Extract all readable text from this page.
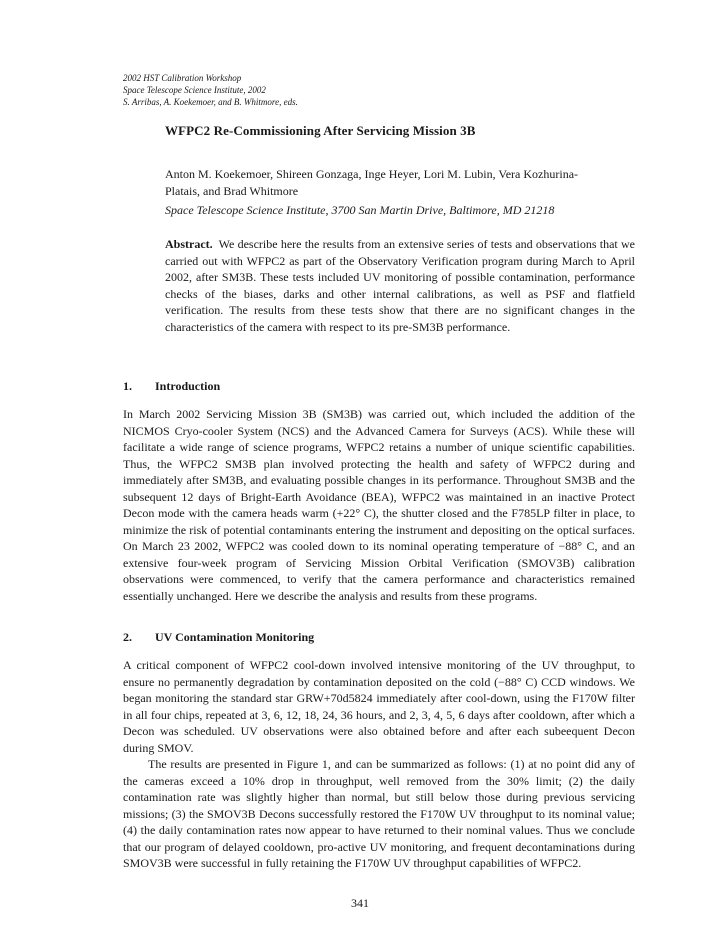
2002 HST Calibration Workshop
Space Telescope Science Institute, 2002
S. Arribas, A. Koekemoer, and B. Whitmore, eds.
WFPC2 Re-Commissioning After Servicing Mission 3B
Anton M. Koekemoer, Shireen Gonzaga, Inge Heyer, Lori M. Lubin, Vera Kozhurina-Platais, and Brad Whitmore
Space Telescope Science Institute, 3700 San Martin Drive, Baltimore, MD 21218
Abstract. We describe here the results from an extensive series of tests and observations that we carried out with WFPC2 as part of the Observatory Verification program during March to April 2002, after SM3B. These tests included UV monitoring of possible contamination, performance checks of the biases, darks and other internal calibrations, as well as PSF and flatfield verification. The results from these tests show that there are no significant changes in the characteristics of the camera with respect to its pre-SM3B performance.
1. Introduction

In March 2002 Servicing Mission 3B (SM3B) was carried out, which included the addition of the NICMOS Cryo-cooler System (NCS) and the Advanced Camera for Surveys (ACS). While these will facilitate a wide range of science programs, WFPC2 retains a number of unique scientific capabilities. Thus, the WFPC2 SM3B plan involved protecting the health and safety of WFPC2 during and immediately after SM3B, and evaluating possible changes in its performance. Throughout SM3B and the subsequent 12 days of Bright-Earth Avoidance (BEA), WFPC2 was maintained in an inactive Protect Decon mode with the camera heads warm (+22° C), the shutter closed and the F785LP filter in place, to minimize the risk of potential contaminants entering the instrument and depositing on the optical surfaces. On March 23 2002, WFPC2 was cooled down to its nominal operating temperature of −88° C, and an extensive four-week program of Servicing Mission Orbital Verification (SMOV3B) calibration observations were commenced, to verify that the camera performance and characteristics remained essentially unchanged. Here we describe the analysis and results from these programs.

2. UV Contamination Monitoring

A critical component of WFPC2 cool-down involved intensive monitoring of the UV throughput, to ensure no permanently degradation by contamination deposited on the cold (−88° C) CCD windows. We began monitoring the standard star GRW+70d5824 immediately after cool-down, using the F170W filter in all four chips, repeated at 3, 6, 12, 18, 24, 36 hours, and 2, 3, 4, 5, 6 days after cooldown, after which a Decon was scheduled. UV observations were also obtained before and after each subeequent Decon during SMOV.

The results are presented in Figure 1, and can be summarized as follows: (1) at no point did any of the cameras exceed a 10% drop in throughput, well removed from the 30% limit; (2) the daily contamination rate was slightly higher than normal, but still below those during previous servicing missions; (3) the SMOV3B Decons successfully restored the F170W UV throughput to its nominal value; (4) the daily contamination rates now appear to have returned to their nominal values. Thus we conclude that our program of delayed cooldown, pro-active UV monitoring, and frequent decontaminations during SMOV3B were successful in fully retaining the F170W UV throughput capabilities of WFPC2.

341
